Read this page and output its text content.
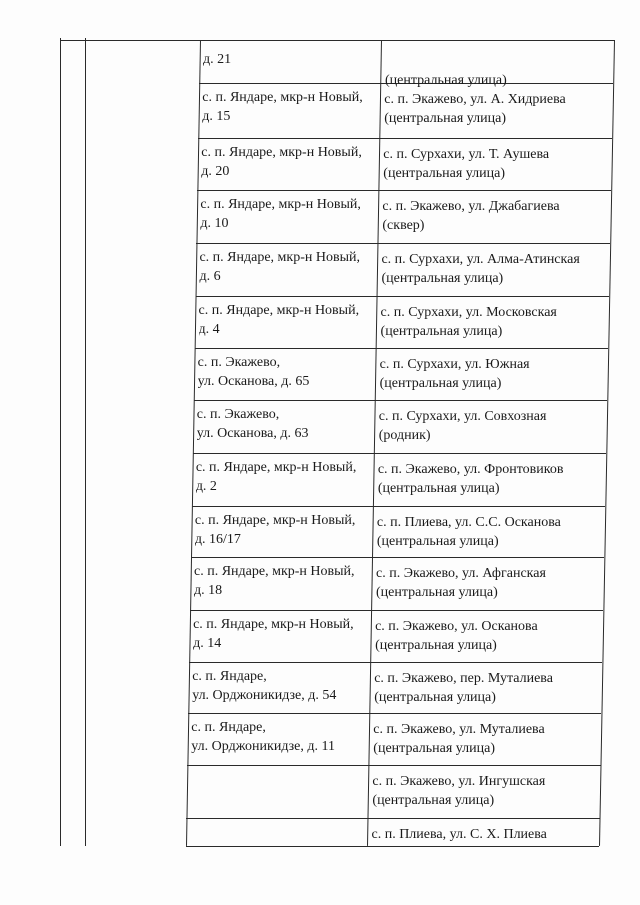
д. 21

(центральная улица)
с. п. Яндаре, мкр-н Новый,
д. 15
с. п. Экажево, ул. А. Хидриева
(центральная улица)
с. п. Яндаре, мкр-н Новый,
д. 20
с. п. Сурхахи, ул. Т. Аушева
(центральная улица)
с. п. Яндаре, мкр-н Новый,
д. 10
с. п. Экажево, ул. Джабагиева
(сквер)
с. п. Яндаре, мкр-н Новый,
д. 6
с. п. Сурхахи, ул. Алма-Атинская
(центральная улица)
с. п. Яндаре, мкр-н Новый,
д. 4
с. п. Сурхахи, ул. Московская
(центральная улица)
с. п. Экажево,
ул. Осканова, д. 65
с. п. Сурхахи, ул. Южная
(центральная улица)
с. п. Экажево,
ул. Осканова, д. 63
с. п. Сурхахи, ул. Совхозная
(родник)
с. п. Яндаре, мкр-н Новый,
д. 2
с. п. Экажево, ул. Фронтовиков
(центральная улица)
с. п. Яндаре, мкр-н Новый,
д. 16/17
с. п. Плиева, ул. С.С. Осканова
(центральная улица)
с. п. Яндаре, мкр-н Новый,
д. 18
с. п. Экажево, ул. Афганская
(центральная улица)
с. п. Яндаре, мкр-н Новый,
д. 14
с. п. Экажево, ул. Осканова
(центральная улица)
с. п. Яндаре,
ул. Орджоникидзе, д. 54
с. п. Экажево, пер. Муталиева
(центральная улица)
с. п. Яндаре,
ул. Орджоникидзе, д. 11
с. п. Экажево, ул. Муталиева
(центральная улица)

с. п. Экажево, ул. Ингушская
(центральная улица)

с. п. Плиева, ул. С. Х. Плиева
